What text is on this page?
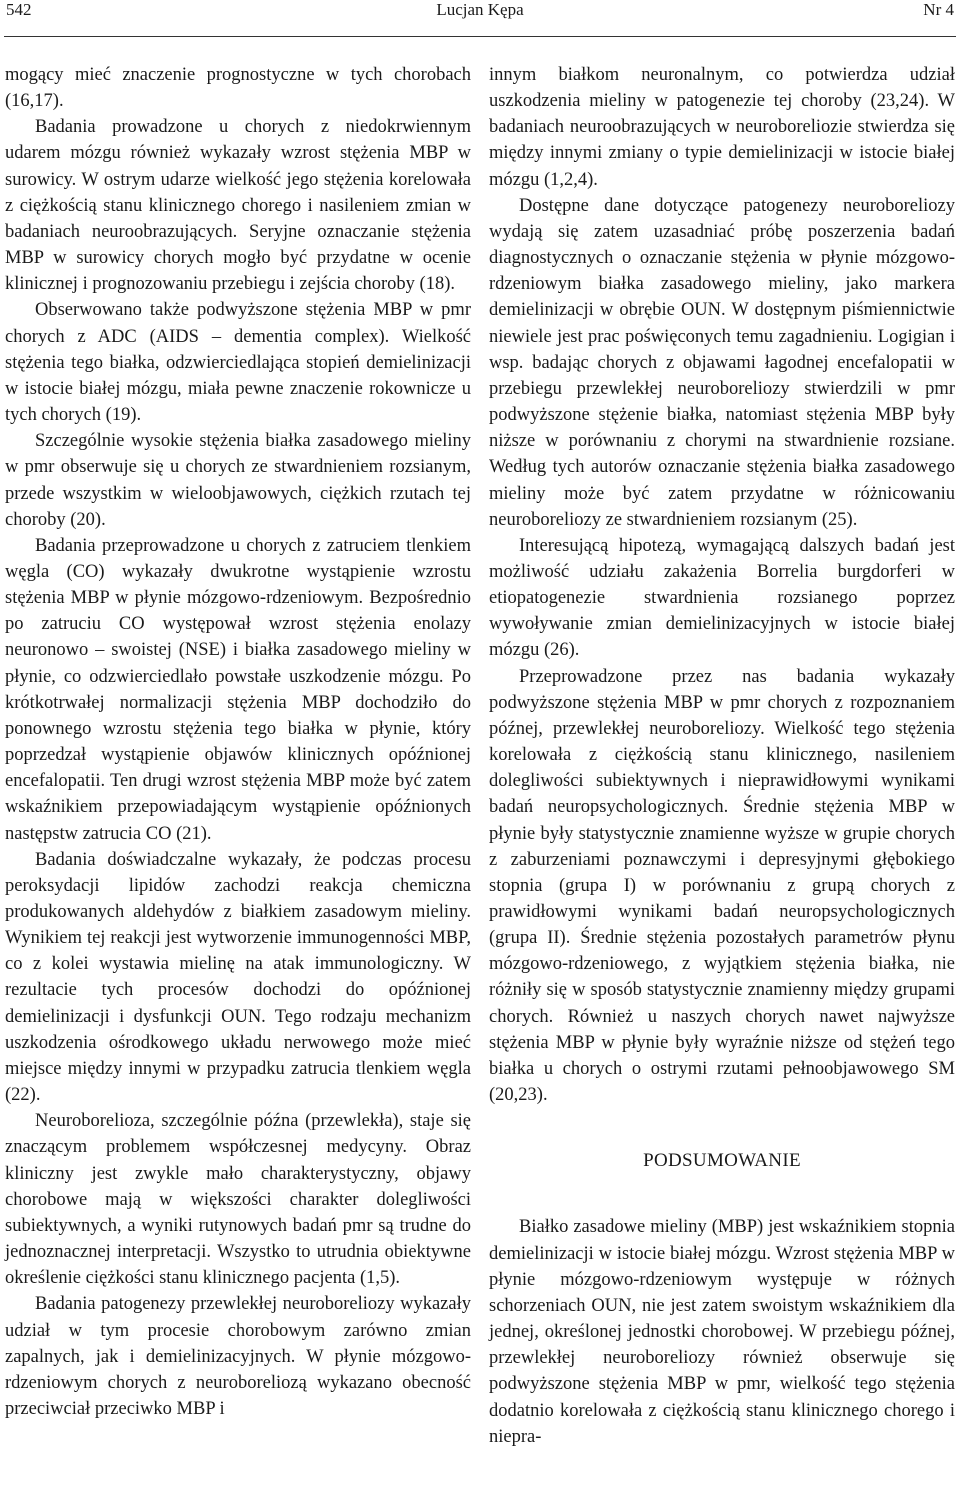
542	Lucjan Kępa	Nr 4

mogący mieć znaczenie prognostyczne w tych chorobach (16,17).

Badania prowadzone u chorych z niedokrwiennym udarem mózgu również wykazały wzrost stężenia MBP w surowicy. W ostrym udarze wielkość jego stężenia korelowała z ciężkością stanu klinicznego chorego i nasileniem zmian w badaniach neuroobrazujących. Seryjne oznaczanie stężenia MBP w surowicy chorych mogło być przydatne w ocenie klinicznej i prognozowaniu przebiegu i zejścia choroby (18).

Obserwowano także podwyższone stężenia MBP w pmr chorych z ADC (AIDS – dementia complex). Wielkość stężenia tego białka, odzwierciedlająca stopień demielinizacji w istocie białej mózgu, miała pewne znaczenie rokownicze u tych chorych (19).

Szczególnie wysokie stężenia białka zasadowego mieliny w pmr obserwuje się u chorych ze stwardnieniem rozsianym, przede wszystkim w wieloobjawowych, ciężkich rzutach tej choroby (20).

Badania przeprowadzone u chorych z zatruciem tlenkiem węgla (CO) wykazały dwukrotne wystąpienie wzrostu stężenia MBP w płynie mózgowo-rdzeniowym. Bezpośrednio po zatruciu CO występował wzrost stężenia enolazy neuronowo – swoistej (NSE) i białka zasadowego mieliny w płynie, co odzwierciedlało powstałe uszkodzenie mózgu. Po krótkotrwałej normalizacji stężenia MBP dochodziło do ponownego wzrostu stężenia tego białka w płynie, który poprzedzał wystąpienie objawów klinicznych opóźnionej encefalopatii. Ten drugi wzrost stężenia MBP może być zatem wskaźnikiem przepowiadającym wystąpienie opóźnionych następstw zatrucia CO (21).

Badania doświadczalne wykazały, że podczas procesu peroksydacji lipidów zachodzi reakcja chemiczna produkowanych aldehydów z białkiem zasadowym mieliny. Wynikiem tej reakcji jest wytworzenie immunogenności MBP, co z kolei wystawia mielinę na atak immunologiczny. W rezultacie tych procesów dochodzi do opóźnionej demielinizacji i dysfunkcji OUN. Tego rodzaju mechanizm uszkodzenia ośrodkowego układu nerwowego może mieć miejsce między innymi w przypadku zatrucia tlenkiem węgla (22).

Neuroborelioza, szczególnie późna (przewlekła), staje się znaczącym problemem współczesnej medycyny. Obraz kliniczny jest zwykle mało charakterystyczny, objawy chorobowe mają w większości charakter dolegliwości subiektywnych, a wyniki rutynowych badań pmr są trudne do jednoznacznej interpretacji. Wszystko to utrudnia obiektywne określenie ciężkości stanu klinicznego pacjenta (1,5).

Badania patogenezy przewlekłej neuroboreliozy wykazały udział w tym procesie chorobowym zarówno zmian zapalnych, jak i demielinizacyjnych. W płynie mózgowo-rdzeniowym chorych z neuroboreliozą wykazano obecność przeciwciał przeciwko MBP i

innym białkom neuronalnym, co potwierdza udział uszkodzenia mieliny w patogenezie tej choroby (23,24). W badaniach neuroobrazujących w neuroboreliozie stwierdza się między innymi zmiany o typie demielinizacji w istocie białej mózgu (1,2,4).

Dostępne dane dotyczące patogenezy neuroboreliozy wydają się zatem uzasadniać próbę poszerzenia badań diagnostycznych o oznaczanie stężenia w płynie mózgowo-rdzeniowym białka zasadowego mieliny, jako markera demielinizacji w obrębie OUN. W dostępnym piśmiennictwie niewiele jest prac poświęconych temu zagadnieniu. Logigian i wsp. badając chorych z objawami łagodnej encefalopatii w przebiegu przewlekłej neuroboreliozy stwierdzili w pmr podwyższone stężenie białka, natomiast stężenia MBP były niższe w porównaniu z chorymi na stwardnienie rozsiane. Według tych autorów oznaczanie stężenia białka zasadowego mieliny może być zatem przydatne w różnicowaniu neuroboreliozy ze stwardnieniem rozsianym (25).

Interesującą hipotezą, wymagającą dalszych badań jest możliwość udziału zakażenia Borrelia burgdorferi w etiopatogenezie stwardnienia rozsianego poprzez wywoływanie zmian demielinizacyjnych w istocie białej mózgu (26).

Przeprowadzone przez nas badania wykazały podwyższone stężenia MBP w pmr chorych z rozpoznaniem późnej, przewlekłej neuroboreliozy. Wielkość tego stężenia korelowała z ciężkością stanu klinicznego, nasileniem dolegliwości subiektywnych i nieprawidłowymi wynikami badań neuropsychologicznych. Średnie stężenia MBP w płynie były statystycznie znamienne wyższe w grupie chorych z zaburzeniami poznawczymi i depresyjnymi głębokiego stopnia (grupa I) w porównaniu z grupą chorych z prawidłowymi wynikami badań neuropsychologicznych (grupa II). Średnie stężenia pozostałych parametrów płynu mózgowo-rdzeniowego, z wyjątkiem stężenia białka, nie różniły się w sposób statystycznie znamienny między grupami chorych. Również u naszych chorych nawet najwyższe stężenia MBP w płynie były wyraźnie niższe od stężeń tego białka u chorych o ostrymi rzutami pełnoobjawowego SM (20,23).

PODSUMOWANIE

Białko zasadowe mieliny (MBP) jest wskaźnikiem stopnia demielinizacji w istocie białej mózgu. Wzrost stężenia MBP w płynie mózgowo-rdzeniowym występuje w różnych schorzeniach OUN, nie jest zatem swoistym wskaźnikiem dla jednej, określonej jednostki chorobowej. W przebiegu późnej, przewlekłej neuroboreliozy również obserwuje się podwyższone stężenia MBP w pmr, wielkość tego stężenia dodatnio korelowała z ciężkością stanu klinicznego chorego i niepra-
